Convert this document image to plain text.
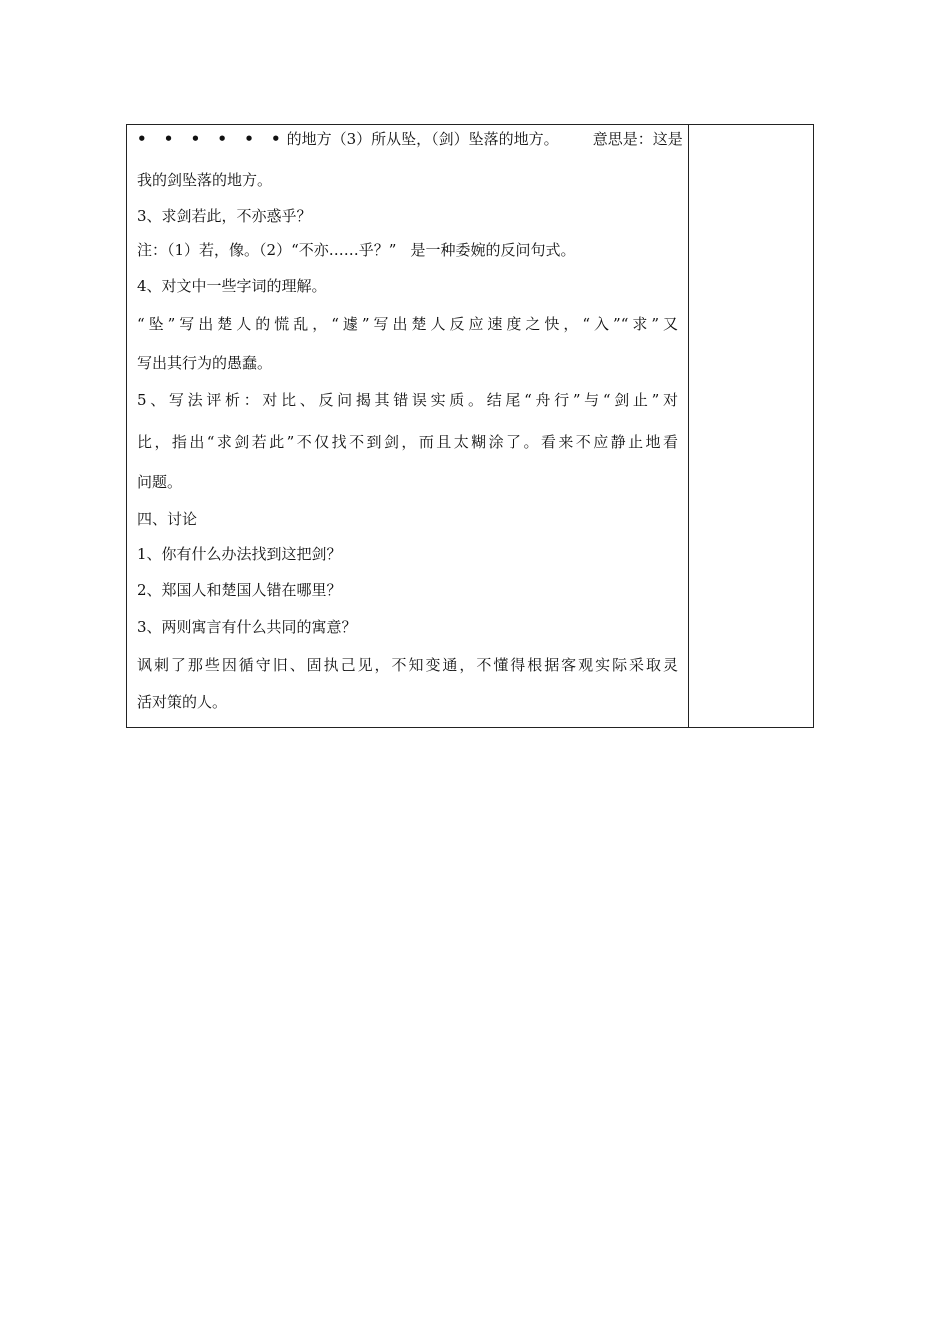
• • • • • •的地方（3）所从坠，（剑）坠落的地方。 意思是：这是
我的剑坠落的地方。
3、求剑若此，不亦惑乎？
注：（1）若，像。（2）“不亦……乎？” 是一种委婉的反问句式。
4、对文中一些字词的理解。
“坠”写出楚人的慌乱，“遽”写出楚人反应速度之快，“入”“求”又
写出其行为的愚蠢。
5、写法评析：对比、反问揭其错误实质。结尾“舟行”与“剑止”对
比，指出“求剑若此”不仅找不到剑，而且太糊涂了。看来不应静止地看
问题。
四、讨论
1、你有什么办法找到这把剑？
2、郑国人和楚国人错在哪里？
3、两则寓言有什么共同的寓意？
讽刺了那些因循守旧、固执己见，不知变通，不懂得根据客观实际采取灵
活对策的人。
